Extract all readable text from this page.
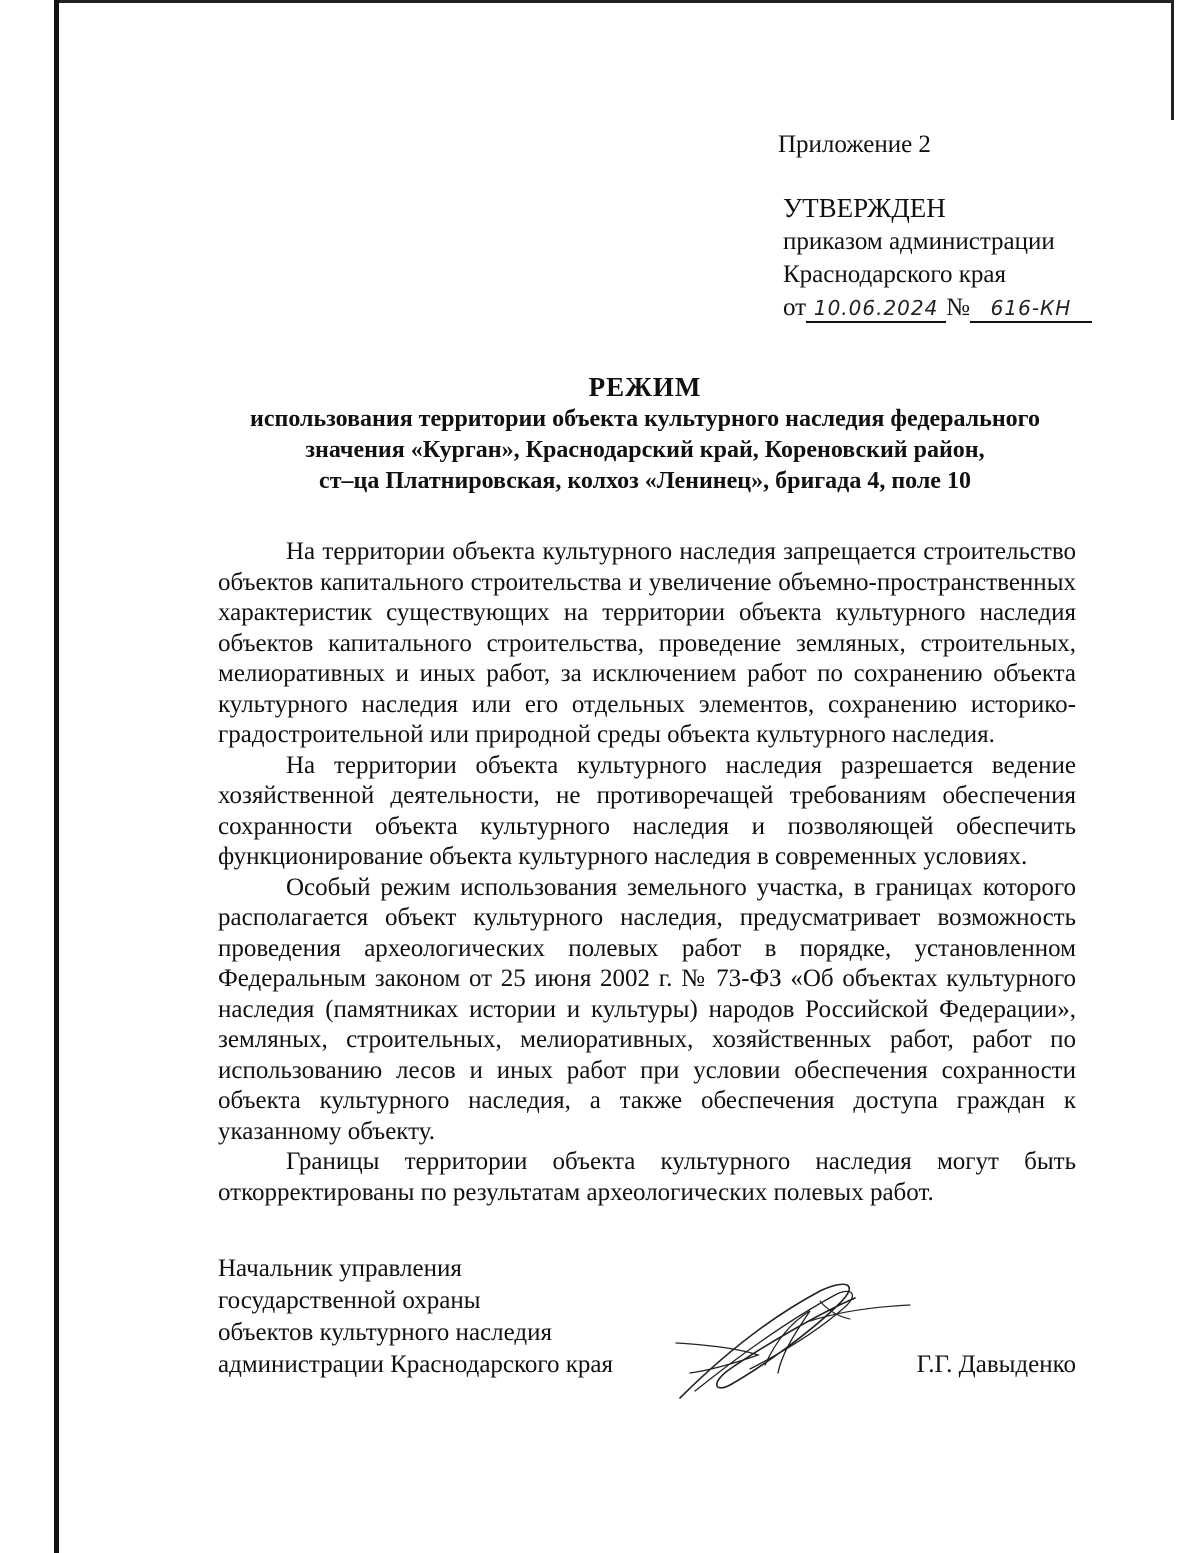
Приложение 2
УТВЕРЖДЕН
приказом администрации
Краснодарского края
от 10.06.2024 № 616-КН
РЕЖИМ
использования территории объекта культурного наследия федерального
значения «Курган», Краснодарский край, Кореновский район,
ст–ца Платнировская, колхоз «Ленинец», бригада 4, поле 10

На территории объекта культурного наследия запрещается строительство объектов капитального строительства и увеличение объемно-пространственных характеристик существующих на территории объекта культурного наследия объектов капитального строительства, проведение земляных, строительных, мелиоративных и иных работ, за исключением работ по сохранению объекта культурного наследия или его отдельных элементов, сохранению историко-градостроительной или природной среды объекта культурного наследия.

На территории объекта культурного наследия разрешается ведение хозяйственной деятельности, не противоречащей требованиям обеспечения сохранности объекта культурного наследия и позволяющей обеспечить функционирование объекта культурного наследия в современных условиях.

Особый режим использования земельного участка, в границах которого располагается объект культурного наследия, предусматривает возможность проведения археологических полевых работ в порядке, установленном Федеральным законом от 25 июня 2002 г. № 73-ФЗ «Об объектах культурного наследия (памятниках истории и культуры) народов Российской Федерации», земляных, строительных, мелиоративных, хозяйственных работ, работ по использованию лесов и иных работ при условии обеспечения сохранности объекта культурного наследия, а также обеспечения доступа граждан к указанному объекту.

Границы территории объекта культурного наследия могут быть откорректированы по результатам археологических полевых работ.

Начальник управления
государственной охраны
объектов культурного наследия
администрации Краснодарского края	Г.Г. Давыденко
